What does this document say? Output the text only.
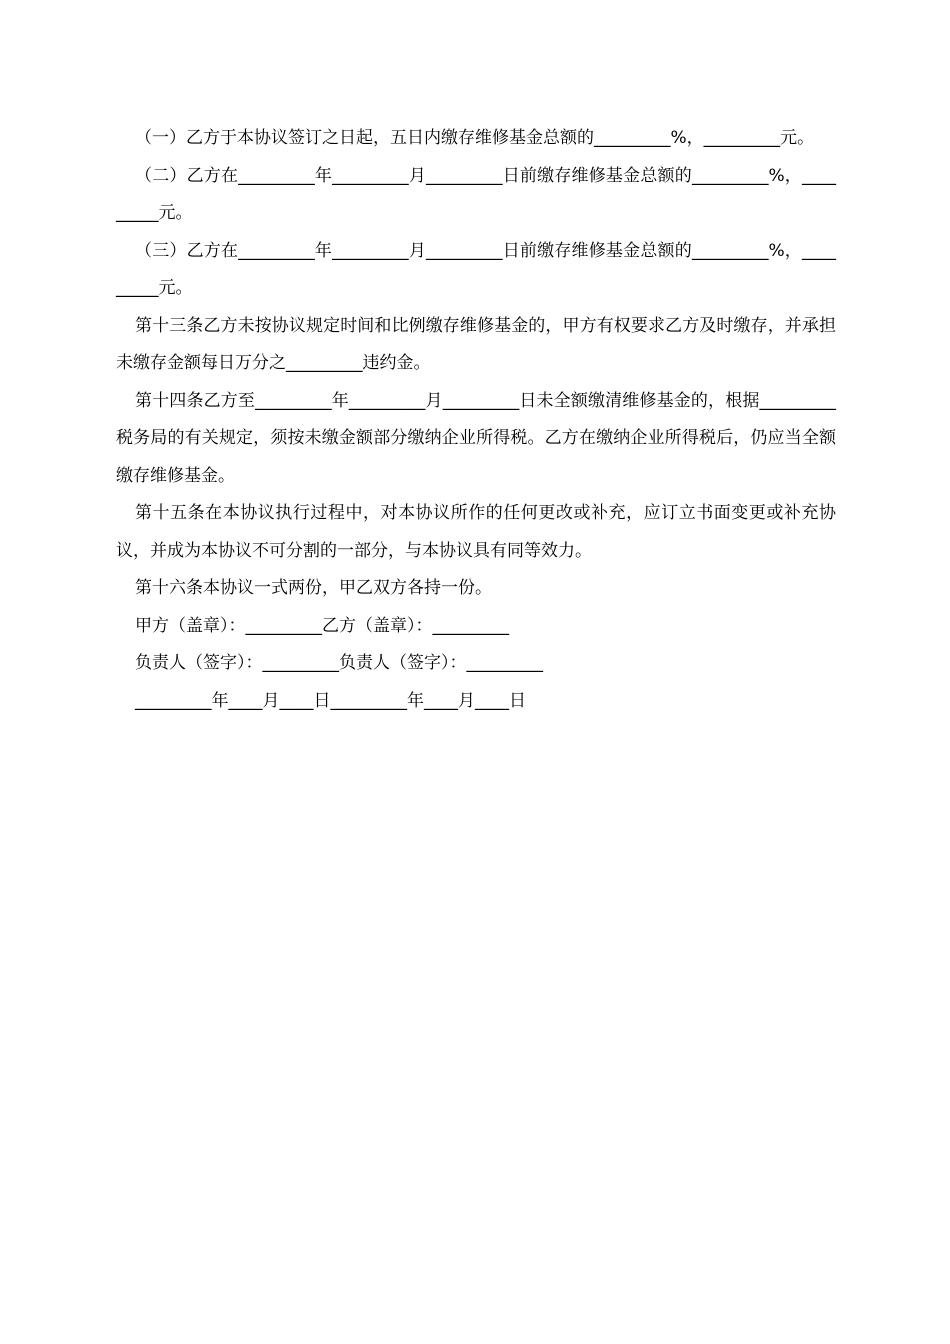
（一）乙方于本协议签订之日起，五日内缴存维修基金总额的_________%，_________元。

（二）乙方在_________年_________月_________日前缴存维修基金总额的_________%，_________元。

（三）乙方在_________年_________月_________日前缴存维修基金总额的_________%，_________元。

第十三条乙方未按协议规定时间和比例缴存维修基金的，甲方有权要求乙方及时缴存，并承担未缴存金额每日万分之_________违约金。

第十四条乙方至_________年_________月_________日未全额缴清维修基金的，根据_________税务局的有关规定，须按未缴金额部分缴纳企业所得税。乙方在缴纳企业所得税后，仍应当全额缴存维修基金。

第十五条在本协议执行过程中，对本协议所作的任何更改或补充，应订立书面变更或补充协议，并成为本协议不可分割的一部分，与本协议具有同等效力。

第十六条本协议一式两份，甲乙双方各持一份。

甲方（盖章）：_________乙方（盖章）：_________

负责人（签字）：_________负责人（签字）：_________

_________年____月____日_________年____月____日
